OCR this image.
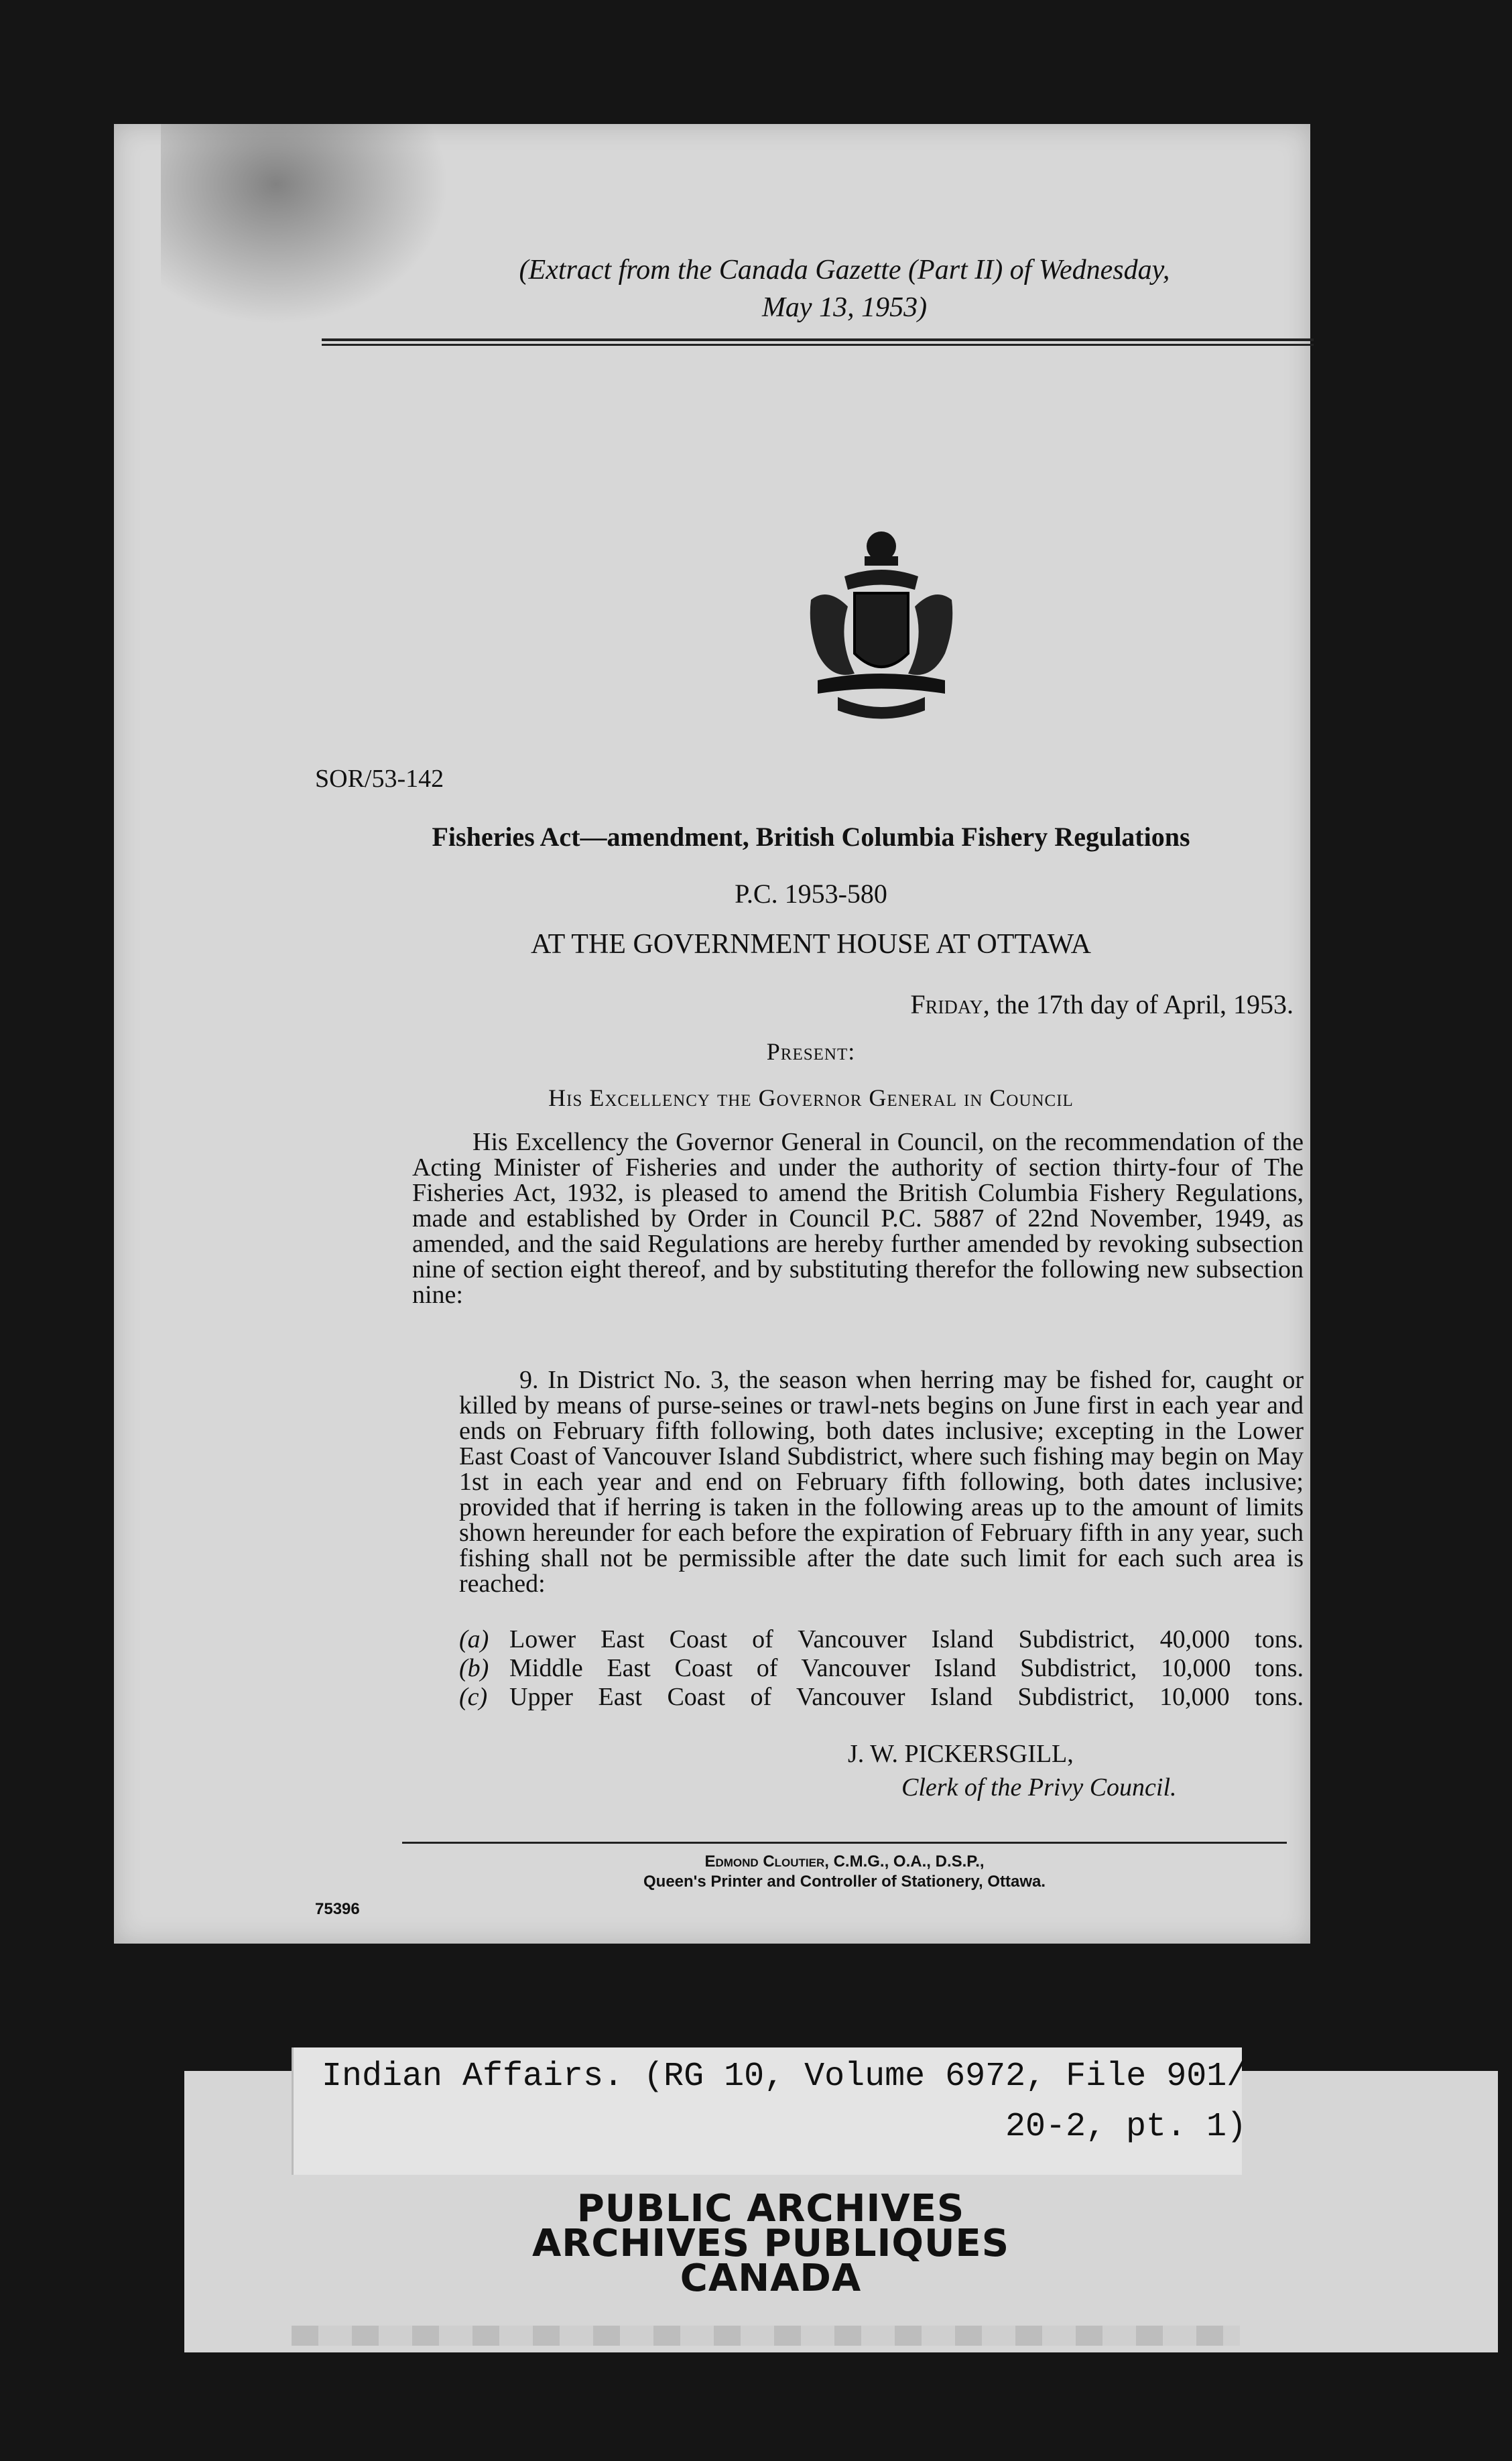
(Extract from the Canada Gazette (Part II) of Wednesday,
May 13, 1953)
SOR/53-142
Fisheries Act—amendment, British Columbia Fishery Regulations
P.C. 1953-580
AT THE GOVERNMENT HOUSE AT OTTAWA
Friday, the 17th day of April, 1953.
Present:
His Excellency the Governor General in Council

His Excellency the Governor General in Council, on the recommendation of the Acting Minister of Fisheries and under the authority of section thirty-four of The Fisheries Act, 1932, is pleased to amend the British Columbia Fishery Regulations, made and established by Order in Council P.C. 5887 of 22nd November, 1949, as amended, and the said Regulations are hereby further amended by revoking subsection nine of section eight thereof, and by substituting therefor the following new subsection nine:

9. In District No. 3, the season when herring may be fished for, caught or killed by means of purse-seines or trawl-nets begins on June first in each year and ends on February fifth following, both dates inclusive; excepting in the Lower East Coast of Vancouver Island Subdistrict, where such fishing may begin on May 1st in each year and end on February fifth following, both dates inclusive; provided that if herring is taken in the following areas up to the amount of limits shown hereunder for each before the expiration of February fifth in any year, such fishing shall not be permissible after the date such limit for each such area is reached:

(a) Lower East Coast of Vancouver Island Subdistrict, 40,000 tons.
(b) Middle East Coast of Vancouver Island Subdistrict, 10,000 tons.
(c) Upper East Coast of Vancouver Island Subdistrict, 10,000 tons.
J. W. PICKERSGILL,
Clerk of the Privy Council.
Edmond Cloutier, C.M.G., O.A., D.S.P.,
Queen's Printer and Controller of Stationery, Ottawa.
75396
Indian Affairs. (RG 10, Volume 6972, File 901/
20-2, pt. 1)
PUBLIC ARCHIVES
ARCHIVES PUBLIQUES
CANADA
